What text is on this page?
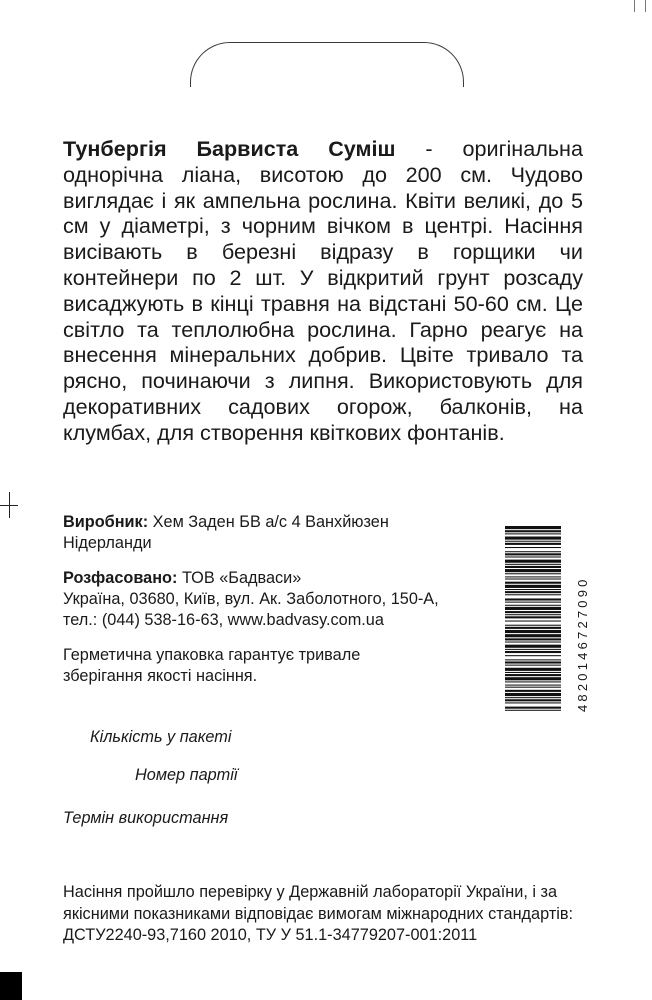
Тунбергія Барвиста Суміш - оригінальна однорічна ліана, висотою до 200 см. Чудово виглядає і як ампельна рослина. Квіти великі, до 5 см у діаметрі, з чорним вічком в центрі. Насіння висівають в березні відразу в горщики чи контейнери по 2 шт. У відкритий грунт розсаду висаджують в кінці травня на відстані 50-60 см. Це світло та теплолюбна рослина. Гарно реагує на внесення мінеральних добрив. Цвіте тривало та рясно, починаючи з липня. Використовують для декоративних садових огорож, балконів, на клумбах, для створення квіткових фонтанів.
Виробник: Хем Заден БВ а/с 4 Ванхйюзен
Нідерланди
Розфасовано: ТОВ «Бадваси»
Україна, 03680, Київ, вул. Ак. Заболотного, 150-А,
тел.: (044) 538-16-63, www.badvasy.com.ua
Герметична упаковка гарантує тривале
зберігання якості насіння.
Кількість у пакеті
Номер партії
Термін використання
Насіння пройшло перевірку у Державній лабораторії України, і за
якісними показниками відповідає вимогам міжнародних стандартів:
ДСТУ2240-93,7160 2010, ТУ У 51.1-34779207-001:2011
4820146727090
